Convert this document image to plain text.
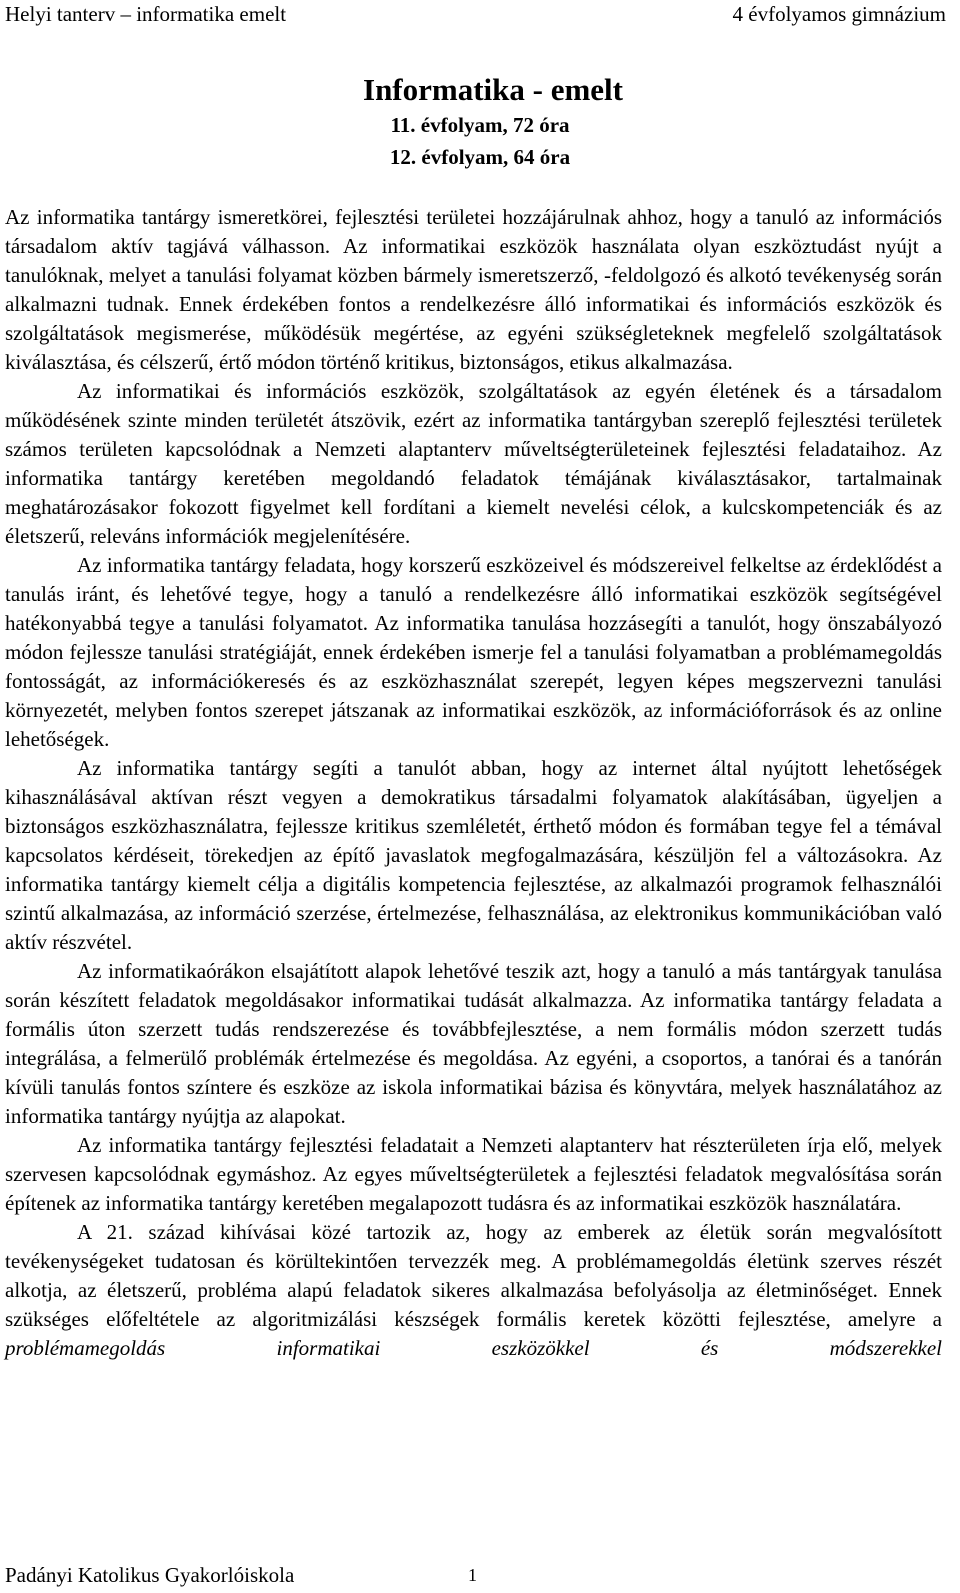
Helyi tanterv – informatika emelt	4 évfolyamos gimnázium
Informatika - emelt

11. évfolyam, 72 óra

12. évfolyam, 64 óra

Az informatika tantárgy ismeretkörei, fejlesztési területei hozzájárulnak ahhoz, hogy a tanuló az információs társadalom aktív tagjává válhasson. Az informatikai eszközök használata olyan eszköztudást nyújt a tanulóknak, melyet a tanulási folyamat közben bármely ismeretszerző, -feldolgozó és alkotó tevékenység során alkalmazni tudnak. Ennek érdekében fontos a rendelkezésre álló informatikai és információs eszközök és szolgáltatások megismerése, működésük megértése, az egyéni szükségleteknek megfelelő szolgáltatások kiválasztása, és célszerű, értő módon történő kritikus, biztonságos, etikus alkalmazása.

Az informatikai és információs eszközök, szolgáltatások az egyén életének és a társadalom működésének szinte minden területét átszövik, ezért az informatika tantárgyban szereplő fejlesztési területek számos területen kapcsolódnak a Nemzeti alaptanterv műveltségterületeinek fejlesztési feladataihoz. Az informatika tantárgy keretében megoldandó feladatok témájának kiválasztásakor, tartalmainak meghatározásakor fokozott figyelmet kell fordítani a kiemelt nevelési célok, a kulcskompetenciák és az életszerű, releváns információk megjelenítésére.

Az informatika tantárgy feladata, hogy korszerű eszközeivel és módszereivel felkeltse az érdeklődést a tanulás iránt, és lehetővé tegye, hogy a tanuló a rendelkezésre álló informatikai eszközök segítségével hatékonyabbá tegye a tanulási folyamatot. Az informatika tanulása hozzásegíti a tanulót, hogy önszabályozó módon fejlessze tanulási stratégiáját, ennek érdekében ismerje fel a tanulási folyamatban a problémamegoldás fontosságát, az információkeresés és az eszközhasználat szerepét, legyen képes megszervezni tanulási környezetét, melyben fontos szerepet játszanak az informatikai eszközök, az információforrások és az online lehetőségek.

Az informatika tantárgy segíti a tanulót abban, hogy az internet által nyújtott lehetőségek kihasználásával aktívan részt vegyen a demokratikus társadalmi folyamatok alakításában, ügyeljen a biztonságos eszközhasználatra, fejlessze kritikus szemléletét, érthető módon és formában tegye fel a témával kapcsolatos kérdéseit, törekedjen az építő javaslatok megfogalmazására, készüljön fel a változásokra. Az informatika tantárgy kiemelt célja a digitális kompetencia fejlesztése, az alkalmazói programok felhasználói szintű alkalmazása, az információ szerzése, értelmezése, felhasználása, az elektronikus kommunikációban való aktív részvétel.

Az informatikaórákon elsajátított alapok lehetővé teszik azt, hogy a tanuló a más tantárgyak tanulása során készített feladatok megoldásakor informatikai tudását alkalmazza. Az informatika tantárgy feladata a formális úton szerzett tudás rendszerezése és továbbfejlesztése, a nem formális módon szerzett tudás integrálása, a felmerülő problémák értelmezése és megoldása. Az egyéni, a csoportos, a tanórai és a tanórán kívüli tanulás fontos színtere és eszköze az iskola informatikai bázisa és könyvtára, melyek használatához az informatika tantárgy nyújtja az alapokat.

Az informatika tantárgy fejlesztési feladatait a Nemzeti alaptanterv hat részterületen írja elő, melyek szervesen kapcsolódnak egymáshoz. Az egyes műveltségterületek a fejlesztési feladatok megvalósítása során építenek az informatika tantárgy keretében megalapozott tudásra és az informatikai eszközök használatára.

A 21. század kihívásai közé tartozik az, hogy az emberek az életük során megvalósított tevékenységeket tudatosan és körültekintően tervezzék meg. A problémamegoldás életünk szerves részét alkotja, az életszerű, probléma alapú feladatok sikeres alkalmazása befolyásolja az életminőséget. Ennek szükséges előfeltétele az algoritmizálási készségek formális keretek közötti fejlesztése, amelyre a problémamegoldás informatikai eszközökkel és módszerekkel

Padányi Katolikus Gyakorlóiskola	1
